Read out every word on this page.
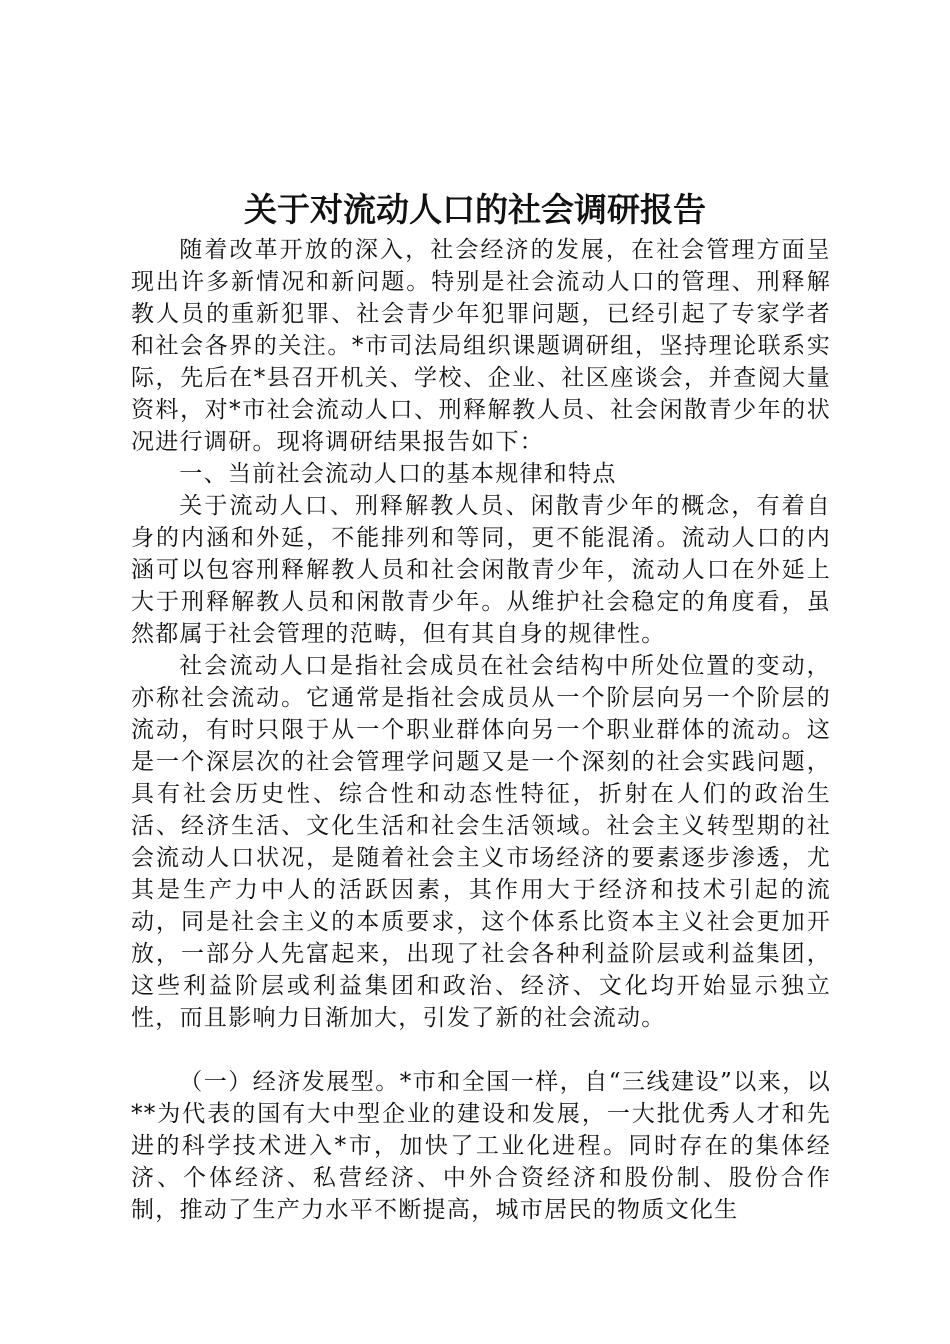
关于对流动人口的社会调研报告

随着改革开放的深入，社会经济的发展，在社会管理方面呈现出许多新情况和新问题。特别是社会流动人口的管理、刑释解教人员的重新犯罪、社会青少年犯罪问题，已经引起了专家学者和社会各界的关注。*市司法局组织课题调研组，坚持理论联系实际，先后在*县召开机关、学校、企业、社区座谈会，并查阅大量资料，对*市社会流动人口、刑释解教人员、社会闲散青少年的状况进行调研。现将调研结果报告如下：

一、当前社会流动人口的基本规律和特点

关于流动人口、刑释解教人员、闲散青少年的概念，有着自身的内涵和外延，不能排列和等同，更不能混淆。流动人口的内涵可以包容刑释解教人员和社会闲散青少年，流动人口在外延上大于刑释解教人员和闲散青少年。从维护社会稳定的角度看，虽然都属于社会管理的范畴，但有其自身的规律性。

社会流动人口是指社会成员在社会结构中所处位置的变动，亦称社会流动。它通常是指社会成员从一个阶层向另一个阶层的流动，有时只限于从一个职业群体向另一个职业群体的流动。这是一个深层次的社会管理学问题又是一个深刻的社会实践问题，具有社会历史性、综合性和动态性特征，折射在人们的政治生活、经济生活、文化生活和社会生活领域。社会主义转型期的社会流动人口状况，是随着社会主义市场经济的要素逐步渗透，尤其是生产力中人的活跃因素，其作用大于经济和技术引起的流动，同是社会主义的本质要求，这个体系比资本主义社会更加开放，一部分人先富起来，出现了社会各种利益阶层或利益集团，这些利益阶层或利益集团和政治、经济、文化均开始显示独立性，而且影响力日渐加大，引发了新的社会流动。

（一）经济发展型。*市和全国一样，自“三线建设”以来，以**为代表的国有大中型企业的建设和发展，一大批优秀人才和先进的科学技术进入*市，加快了工业化进程。同时存在的集体经济、个体经济、私营经济、中外合资经济和股份制、股份合作制，推动了生产力水平不断提高，城市居民的物质文化生
